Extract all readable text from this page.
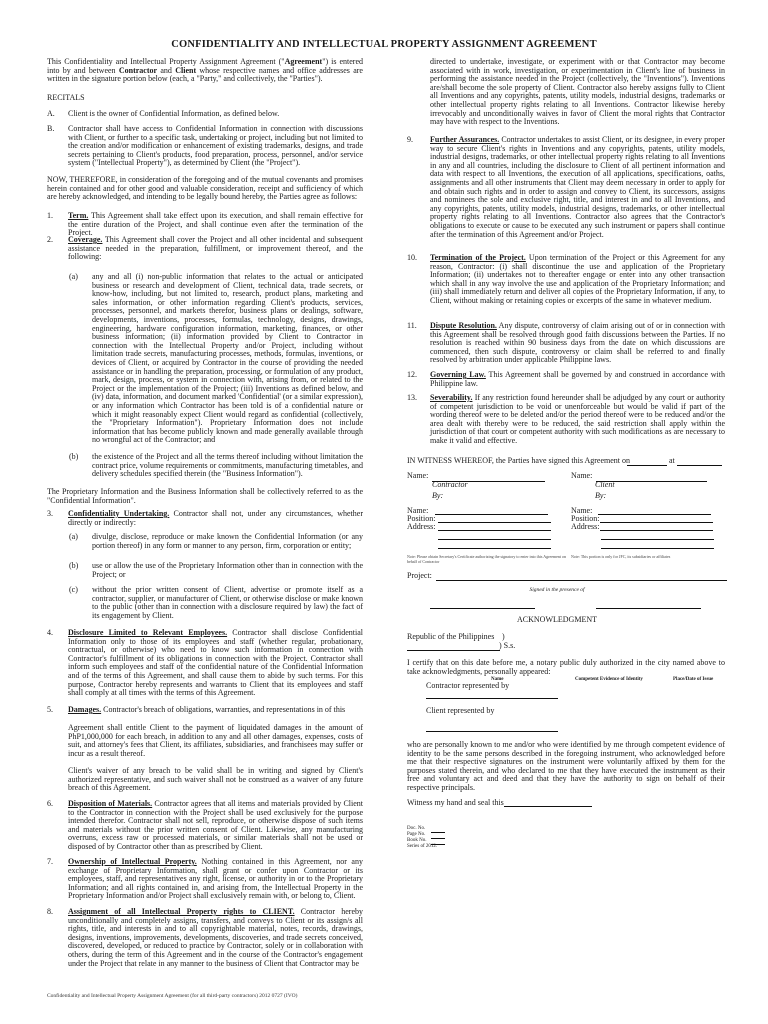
CONFIDENTIALITY AND INTELLECTUAL PROPERTY ASSIGNMENT AGREEMENT
This Confidentiality and Intellectual Property Assignment Agreement ("Agreement") is entered into by and between Contractor and Client whose respective names and office addresses are written in the signature portion below (each, a "Party," and collectively, the "Parties").
RECITALS
A. Client is the owner of Confidential Information, as defined below.
B. Contractor shall have access to Confidential Information in connection with discussions with Client, or further to a specific task, undertaking or project, including but not limited to the creation and/or modification or enhancement of existing trademarks, designs, and trade secrets pertaining to Client's products, food preparation, process, personnel, and/or service system ("Intellectual Property"), as determined by Client (the "Project").
NOW, THEREFORE, in consideration of the foregoing and of the mutual covenants and promises herein contained and for other good and valuable consideration, receipt and sufficiency of which are hereby acknowledged, and intending to be legally bound hereby, the Parties agree as follows:
1. Term. This Agreement shall take effect upon its execution, and shall remain effective for the entire duration of the Project, and shall continue even after the termination of the Project.
2. Coverage. This Agreement shall cover the Project and all other incidental and subsequent assistance needed in the preparation, fulfillment, or improvement thereof, and the following:
(a) any and all (i) non-public information that relates to the actual or anticipated business or research and development of Client, technical data, trade secrets, or know-how, including, but not limited to, research, product plans, marketing and sales information, or other information regarding Client's products, services, processes, personnel, and markets therefor, business plans or dealings, software, developments, inventions, processes, formulas, technology, designs, drawings, engineering, hardware configuration information, marketing, finances, or other business information; (ii) information provided by Client to Contractor in connection with the Intellectual Property and/or Project, including without limitation trade secrets, manufacturing processes, methods, formulas, inventions, or devices of Client, or acquired by Contractor in the course of providing the needed assistance or in handling the preparation, processing, or formulation of any product, mark, design, process, or system in connection with, arising from, or related to the Project or the implementation of the Project; (iii) Inventions as defined below, and (iv) data, information, and document marked 'Confidential' (or a similar expression), or any information which Contractor has been told is of a confidential nature or which it might reasonably expect Client would regard as confidential (collectively, the "Proprietary Information"). Proprietary Information does not include information that has become publicly known and made generally available through no wrongful act of the Contractor; and
(b) the existence of the Project and all the terms thereof including without limitation the contract price, volume requirements or commitments, manufacturing timetables, and delivery schedules specified therein (the "Business Information").
The Proprietary Information and the Business Information shall be collectively referred to as the "Confidential Information".
3. Confidentiality Undertaking. Contractor shall not, under any circumstances, whether directly or indirectly:
(a) divulge, disclose, reproduce or make known the Confidential Information (or any portion thereof) in any form or manner to any person, firm, corporation or entity;
(b) use or allow the use of the Proprietary Information other than in connection with the Project; or
(c) without the prior written consent of Client, advertise or promote itself as a contractor, supplier, or manufacturer of Client, or otherwise disclose or make known to the public (other than in connection with a disclosure required by law) the fact of its engagement by Client.
4. Disclosure Limited to Relevant Employees. Contractor shall disclose Confidential Information only to those of its employees and staff (whether regular, probationary, contractual, or otherwise) who need to know such information in connection with Contractor's fulfillment of its obligations in connection with the Project. Contractor shall inform such employees and staff of the confidential nature of the Confidential Information and of the terms of this Agreement, and shall cause them to abide by such terms. For this purpose, Contractor hereby represents and warrants to Client that its employees and staff shall comply at all times with the terms of this Agreement.
5. Damages. Contractor's breach of obligations, warranties, and representations in of this
Agreement shall entitle Client to the payment of liquidated damages in the amount of PhP1,000,000 for each breach, in addition to any and all other damages, expenses, costs of suit, and attorney's fees that Client, its affiliates, subsidiaries, and franchisees may suffer or incur as a result thereof.
Client's waiver of any breach to be valid shall be in writing and signed by Client's authorized representative, and such waiver shall not be construed as a waiver of any future breach of this Agreement.
6. Disposition of Materials. Contractor agrees that all items and materials provided by Client to the Contractor in connection with the Project shall be used exclusively for the purpose intended therefor. Contractor shall not sell, reproduce, or otherwise dispose of such items and materials without the prior written consent of Client. Likewise, any manufacturing overruns, excess raw or processed materials, or similar materials shall not be used or disposed of by Contractor other than as prescribed by Client.
7. Ownership of Intellectual Property. Nothing contained in this Agreement, nor any exchange of Proprietary Information, shall grant or confer upon Contractor or its employees, staff, and representatives any right, license, or authority in or to the Proprietary Information; and all rights contained in, and arising from, the Intellectual Property in the Proprietary Information and/or Project shall exclusively remain with, or belong to, Client.
8. Assignment of all Intellectual Property rights to CLIENT. Contractor hereby unconditionally and completely assigns, transfers, and conveys to Client or its assign/s all rights, title, and interests in and to all copyrightable material, notes, records, drawings, designs, inventions, improvements, developments, discoveries, and trade secrets conceived, discovered, developed, or reduced to practice by Contractor, solely or in collaboration with others, during the term of this Agreement and in the course of the Contractor's engagement under the Project that relate in any manner to the business of Client that Contractor may be
Confidentiality and Intellectual Property Assignment Agreement (for all third-party contractors) 2012 0727 (IVO)
directed to undertake, investigate, or experiment with or that Contractor may become associated with in work, investigation, or experimentation in Client's line of business in performing the assistance needed in the Project (collectively, the "Inventions"). Inventions are/shall become the sole property of Client. Contractor also hereby assigns fully to Client all Inventions and any copyrights, patents, utility models, industrial designs, trademarks or other intellectual property rights relating to all Inventions. Contractor likewise hereby irrevocably and unconditionally waives in favor of Client the moral rights that Contractor may have with respect to the Inventions.
9. Further Assurances. Contractor undertakes to assist Client, or its designee, in every proper way to secure Client's rights in Inventions and any copyrights, patents, utility models, industrial designs, trademarks, or other intellectual property rights relating to all Inventions in any and all countries, including the disclosure to Client of all pertinent information and data with respect to all Inventions, the execution of all applications, specifications, oaths, assignments and all other instruments that Client may deem necessary in order to apply for and obtain such rights and in order to assign and convey to Client, its successors, assigns and nominees the sole and exclusive right, title, and interest in and to all Inventions, and any copyrights, patents, utility models, industrial designs, trademarks, or other intellectual property rights relating to all Inventions. Contractor also agrees that the Contractor's obligations to execute or cause to be executed any such instrument or papers shall continue after the termination of this Agreement and/or Project.
10. Termination of the Project. Upon termination of the Project or this Agreement for any reason, Contractor: (i) shall discontinue the use and application of the Proprietary Information; (ii) undertakes not to thereafter engage or enter into any other transaction which shall in any way involve the use and application of the Proprietary Information; and (iii) shall immediately return and deliver all copies of the Proprietary Information, if any, to Client, without making or retaining copies or excerpts of the same in whatever medium.
11. Dispute Resolution. Any dispute, controversy of claim arising out of or in connection with this Agreement shall be resolved through good faith discussions between the Parties. If no resolution is reached within 90 business days from the date on which discussions are commenced, then such dispute, controversy or claim shall be referred to and finally resolved by arbitration under applicable Philippine laws.
12. Governing Law. This Agreement shall be governed by and construed in accordance with Philippine law.
13. Severability. If any restriction found hereunder shall be adjudged by any court or authority of competent jurisdiction to be void or unenforceable but would be valid if part of the wording thereof were to be deleted and/or the period thereof were to be reduced and/or the area dealt with thereby were to be reduced, the said restriction shall apply within the jurisdiction of that court or competent authority with such modifications as are necessary to make it valid and effective.
IN WITNESS WHEREOF, the Parties have signed this Agreement on	at
Name:
Contractor
By:
Name:
Client
By:
Name:
Position:
Address:
Name:
Position:
Address:
Note: Please obtain Secretary's Certificate authorizing the signatory to enter into this Agreement on behalf of Contractor
Note: This portion is only for JFC, its subsidiaries or affiliates
Project:
Signed in the presence of
ACKNOWLEDGMENT
Republic of the Philippines )
) S.s.
I certify that on this date before me, a notary public duly authorized in the city named above to take acknowledgments, personally appeared:
Name	Competent Evidence of Identity	Place/Date of Issue
Contractor represented by
Client represented by
who are personally known to me and/or who were identified by me through competent evidence of identity to be the same persons described in the foregoing instrument, who acknowledged before me that their respective signatures on the instrument were voluntarily affixed by them for the purposes stated therein, and who declared to me that they have executed the instrument as their free and voluntary act and deed and that they have the authority to sign on behalf of their respective principals.
Witness my hand and seal this
Doc. No.
Page No.
Book No.
Series of 2012.
